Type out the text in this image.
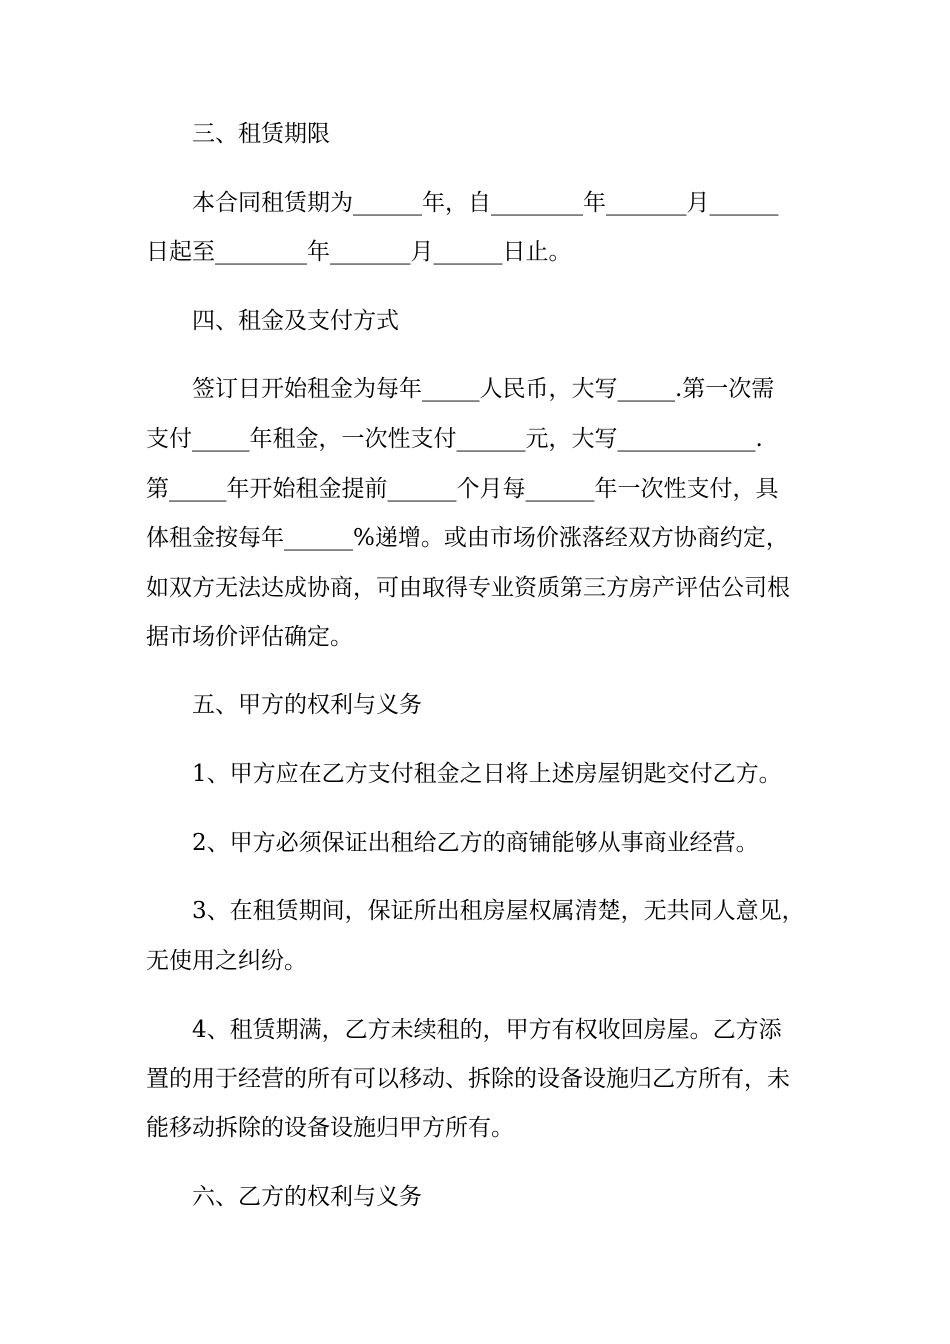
三、租赁期限
本合同租赁期为______年，自________年_______月______
日起至________年_______月______日止。
四、租金及支付方式
签订日开始租金为每年_____人民币，大写_____.第一次需
支付_____年租金，一次性支付______元，大写____________.
第_____年开始租金提前______个月每______年一次性支付，具
体租金按每年______%递增。或由市场价涨落经双方协商约定，
如双方无法达成协商，可由取得专业资质第三方房产评估公司根
据市场价评估确定。
五、甲方的权利与义务
1、甲方应在乙方支付租金之日将上述房屋钥匙交付乙方。
2、甲方必须保证出租给乙方的商铺能够从事商业经营。
3、在租赁期间，保证所出租房屋权属清楚，无共同人意见，
无使用之纠纷。
4、租赁期满，乙方未续租的，甲方有权收回房屋。乙方添
置的用于经营的所有可以移动、拆除的设备设施归乙方所有，未
能移动拆除的设备设施归甲方所有。
六、乙方的权利与义务
